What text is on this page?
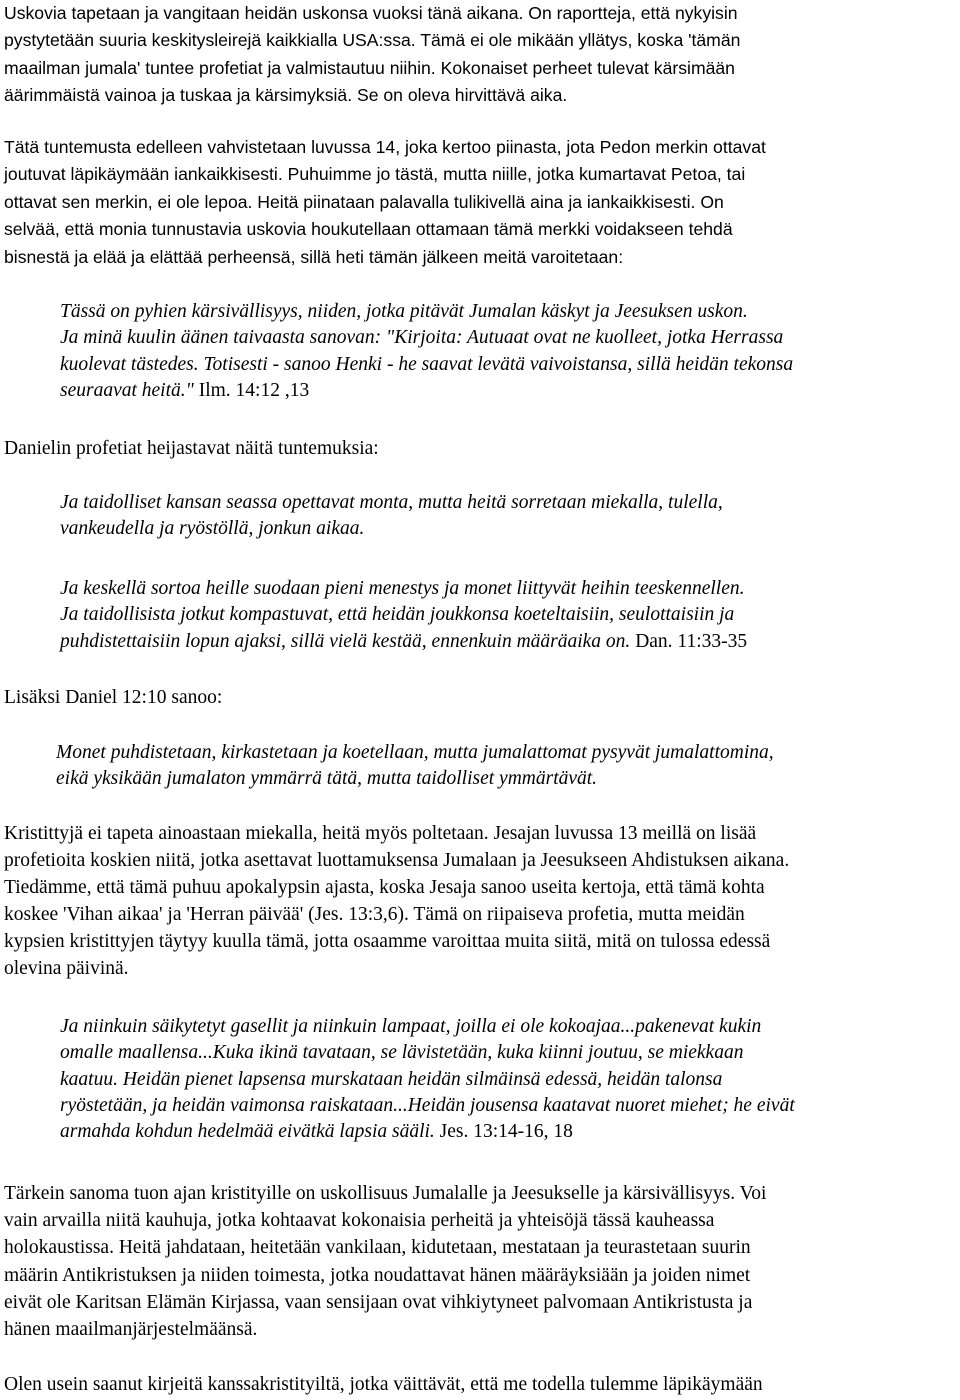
Uskovia tapetaan ja vangitaan heidän uskonsa vuoksi tänä aikana. On raportteja, että nykyisin
pystytetään suuria keskitysleirejä kaikkialla USA:ssa. Tämä ei ole mikään yllätys, koska 'tämän
maailman jumala' tuntee profetiat ja valmistautuu niihin. Kokonaiset perheet tulevat kärsimään
äärimmäistä vainoa ja tuskaa ja kärsimyksiä. Se on oleva hirvittävä aika.
Tätä tuntemusta edelleen vahvistetaan luvussa 14, joka kertoo piinasta, jota Pedon merkin ottavat
joutuvat läpikäymään iankaikkisesti. Puhuimme jo tästä, mutta niille, jotka kumartavat Petoa, tai
ottavat sen merkin, ei ole lepoa. Heitä piinataan palavalla tulikivellä aina ja iankaikkisesti. On
selvää, että monia tunnustavia uskovia houkutellaan ottamaan tämä merkki voidakseen tehdä
bisnestä ja elää ja elättää perheensä, sillä heti tämän jälkeen meitä varoitetaan:
Tässä on pyhien kärsivällisyys, niiden, jotka pitävät Jumalan käskyt ja Jeesuksen uskon.
Ja minä kuulin äänen taivaasta sanovan: "Kirjoita: Autuaat ovat ne kuolleet, jotka Herrassa
kuolevat tästedes. Totisesti - sanoo Henki - he saavat levätä vaivoistansa, sillä heidän tekonsa
seuraavat heitä." Ilm. 14:12 ,13
Danielin profetiat heijastavat näitä tuntemuksia:
Ja taidolliset kansan seassa opettavat monta, mutta heitä sorretaan miekalla, tulella,
vankeudella ja ryöstöllä, jonkun aikaa.
Ja keskellä sortoa heille suodaan pieni menestys ja monet liittyvät heihin teeskennellen.
Ja taidollisista jotkut kompastuvat, että heidän joukkonsa koeteltaisiin, seulottaisiin ja
puhdistettaisiin lopun ajaksi, sillä vielä kestää, ennenkuin määräaika on. Dan. 11:33-35
Lisäksi Daniel 12:10 sanoo:
Monet puhdistetaan, kirkastetaan ja koetellaan, mutta jumalattomat pysyvät jumalattomina,
eikä yksikään jumalaton ymmärrä tätä, mutta taidolliset ymmärtävät.
Kristittyjä ei tapeta ainoastaan miekalla, heitä myös poltetaan. Jesajan luvussa 13 meillä on lisää
profetioita koskien niitä, jotka asettavat luottamuksensa Jumalaan ja Jeesukseen Ahdistuksen aikana.
Tiedämme, että tämä puhuu apokalypsin ajasta, koska Jesaja sanoo useita kertoja, että tämä kohta
koskee 'Vihan aikaa' ja 'Herran päivää' (Jes. 13:3,6). Tämä on riipaiseva profetia, mutta meidän
kypsien kristittyjen täytyy kuulla tämä, jotta osaamme varoittaa muita siitä, mitä on tulossa edessä
olevina päivinä.
Ja niinkuin säikytetyt gasellit ja niinkuin lampaat, joilla ei ole kokoajaa...pakenevat kukin
omalle maallensa...Kuka ikinä tavataan, se lävistetään, kuka kiinni joutuu, se miekkaan
kaatuu. Heidän pienet lapsensa murskataan heidän silmäinsä edessä, heidän talonsa
ryöstetään, ja heidän vaimonsa raiskataan...Heidän jousensa kaatavat nuoret miehet; he eivät
armahda kohdun hedelmää eivätkä lapsia sääli. Jes. 13:14-16, 18
Tärkein sanoma tuon ajan kristityille on uskollisuus Jumalalle ja Jeesukselle ja kärsivällisyys. Voi
vain arvailla niitä kauhuja, jotka kohtaavat kokonaisia perheitä ja yhteisöjä tässä kauheassa
holokaustissa. Heitä jahdataan, heitetään vankilaan, kidutetaan, mestataan ja teurastetaan suurin
määrin Antikristuksen ja niiden toimesta, jotka noudattavat hänen määräyksiään ja joiden nimet
eivät ole Karitsan Elämän Kirjassa, vaan sensijaan ovat vihkiytyneet palvomaan Antikristusta ja
hänen maailmanjärjestelmäänsä.
Olen usein saanut kirjeitä kanssakristityiltä, jotka väittävät, että me todella tulemme läpikäymään
